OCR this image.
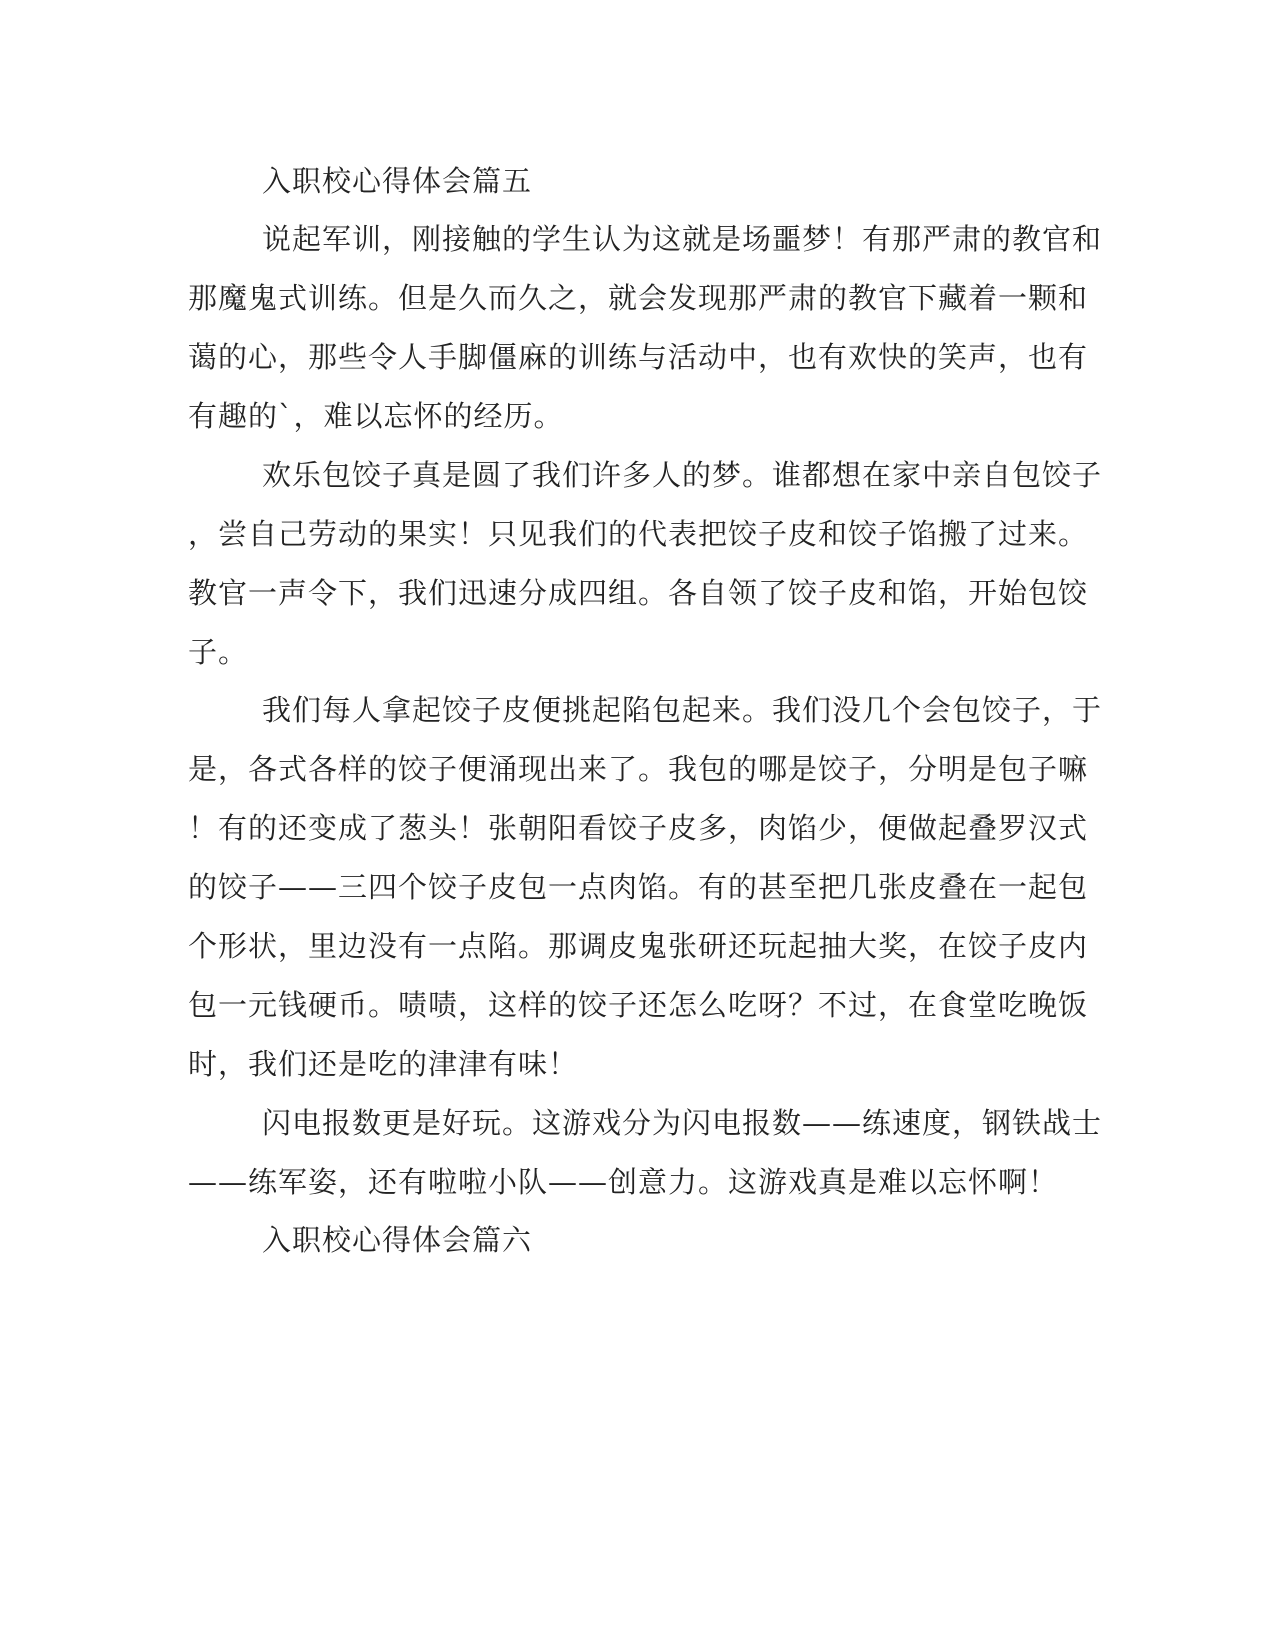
入职校心得体会篇五
说起军训，刚接触的学生认为这就是场噩梦！有那严肃的教官和
那魔鬼式训练。但是久而久之，就会发现那严肃的教官下藏着一颗和
蔼的心，那些令人手脚僵麻的训练与活动中，也有欢快的笑声，也有
有趣的`，难以忘怀的经历。
欢乐包饺子真是圆了我们许多人的梦。谁都想在家中亲自包饺子
，尝自己劳动的果实！只见我们的代表把饺子皮和饺子馅搬了过来。
教官一声令下，我们迅速分成四组。各自领了饺子皮和馅，开始包饺
子。
我们每人拿起饺子皮便挑起陷包起来。我们没几个会包饺子，于
是，各式各样的饺子便涌现出来了。我包的哪是饺子，分明是包子嘛
！有的还变成了葱头！张朝阳看饺子皮多，肉馅少，便做起叠罗汉式
的饺子——三四个饺子皮包一点肉馅。有的甚至把几张皮叠在一起包
个形状，里边没有一点陷。那调皮鬼张研还玩起抽大奖，在饺子皮内
包一元钱硬币。啧啧，这样的饺子还怎么吃呀？不过，在食堂吃晚饭
时，我们还是吃的津津有味！
闪电报数更是好玩。这游戏分为闪电报数——练速度，钢铁战士
——练军姿，还有啦啦小队——创意力。这游戏真是难以忘怀啊！
入职校心得体会篇六
